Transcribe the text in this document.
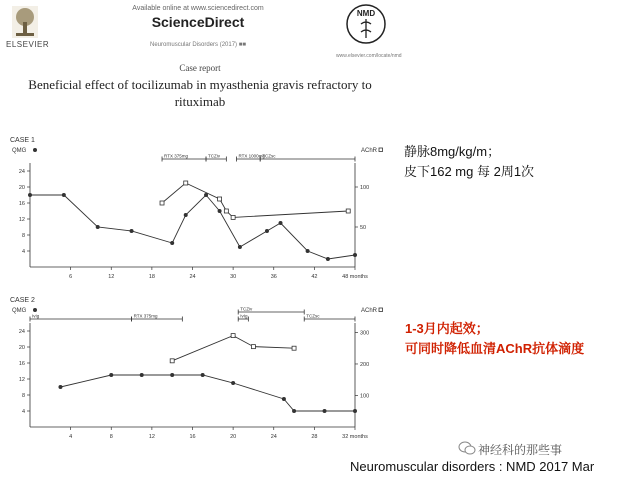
ELSEVIER
Available online at www.sciencedirect.com
ScienceDirect
Neuromuscular Disorders (2017) ■■
NMD
www.elsevier.com/locate/nmd
Case report
Beneficial effect of tocilizumab in myasthenia gravis refractory to
rituximab
CASE 1
QMG	AChR
4
8
12
16
20
24
50
100
6	12	18	24	30	36	42	48 months
RTX 375mg	TCZiv	RTX 1000mg
TCZsc
CASE 2
QMG	AChR
4
8
12
16
20
24
100
200
300
4	8	12	16	20	24	28	32 months
IvIg	RTX 375mg	IvIg
TCZiv
TCZsc
静脉8mg/kg/m；
皮下162 mg 每 2周1次
1-3月内起效；
可同时降低血清AChR抗体滴度
神经科的那些事
Neuromuscular disorders : NMD 2017 Mar
